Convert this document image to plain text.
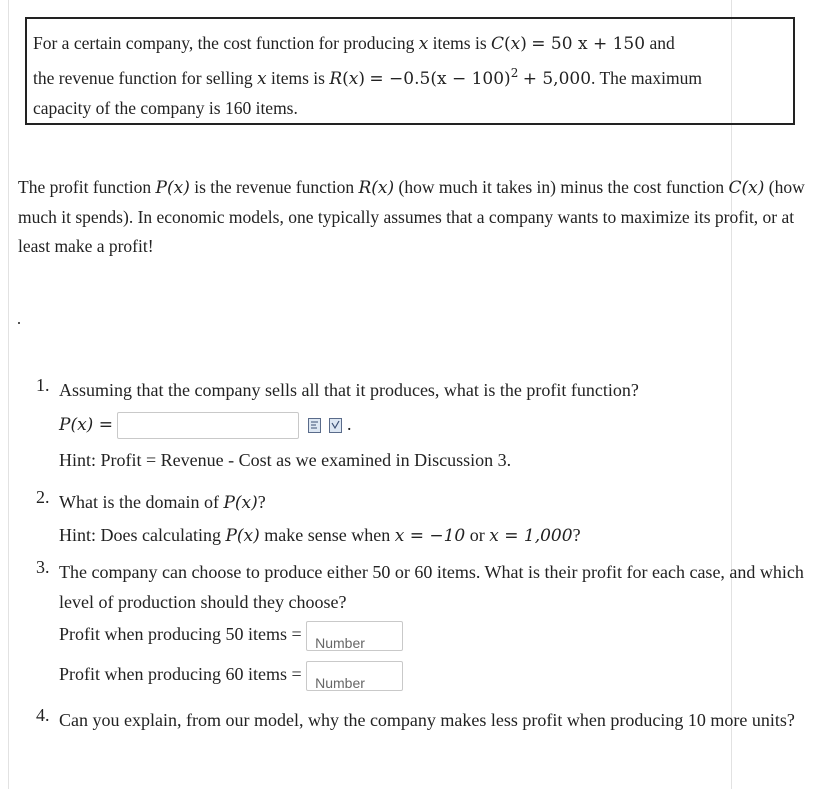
For a certain company, the cost function for producing x items is C(x) = 50 x + 150 and
the revenue function for selling x items is $R(x) = -0.5(x - 100)^2 + 5,000$. The maximum
capacity of the company is 160 items.
The profit function P(x) is the revenue function R(x) (how much it takes in) minus the cost function C(x) (how much it spends). In economic models, one typically assumes that a company wants to maximize its profit, or at least make a profit!
1. Assuming that the company sells all that it produces, what is the profit function?
P(x) =
	.
Hint: Profit = Revenue - Cost as we examined in Discussion 3.
2. What is the domain of P(x)?
Hint: Does calculating P(x) make sense when x = −10 or x = 1,000?
3. The company can choose to produce either 50 or 60 items. What is their profit for each case, and which level of production should they choose?
Profit when producing 50 items = Number
Profit when producing 60 items = Number
4. Can you explain, from our model, why the company makes less profit when producing 10 more units?
